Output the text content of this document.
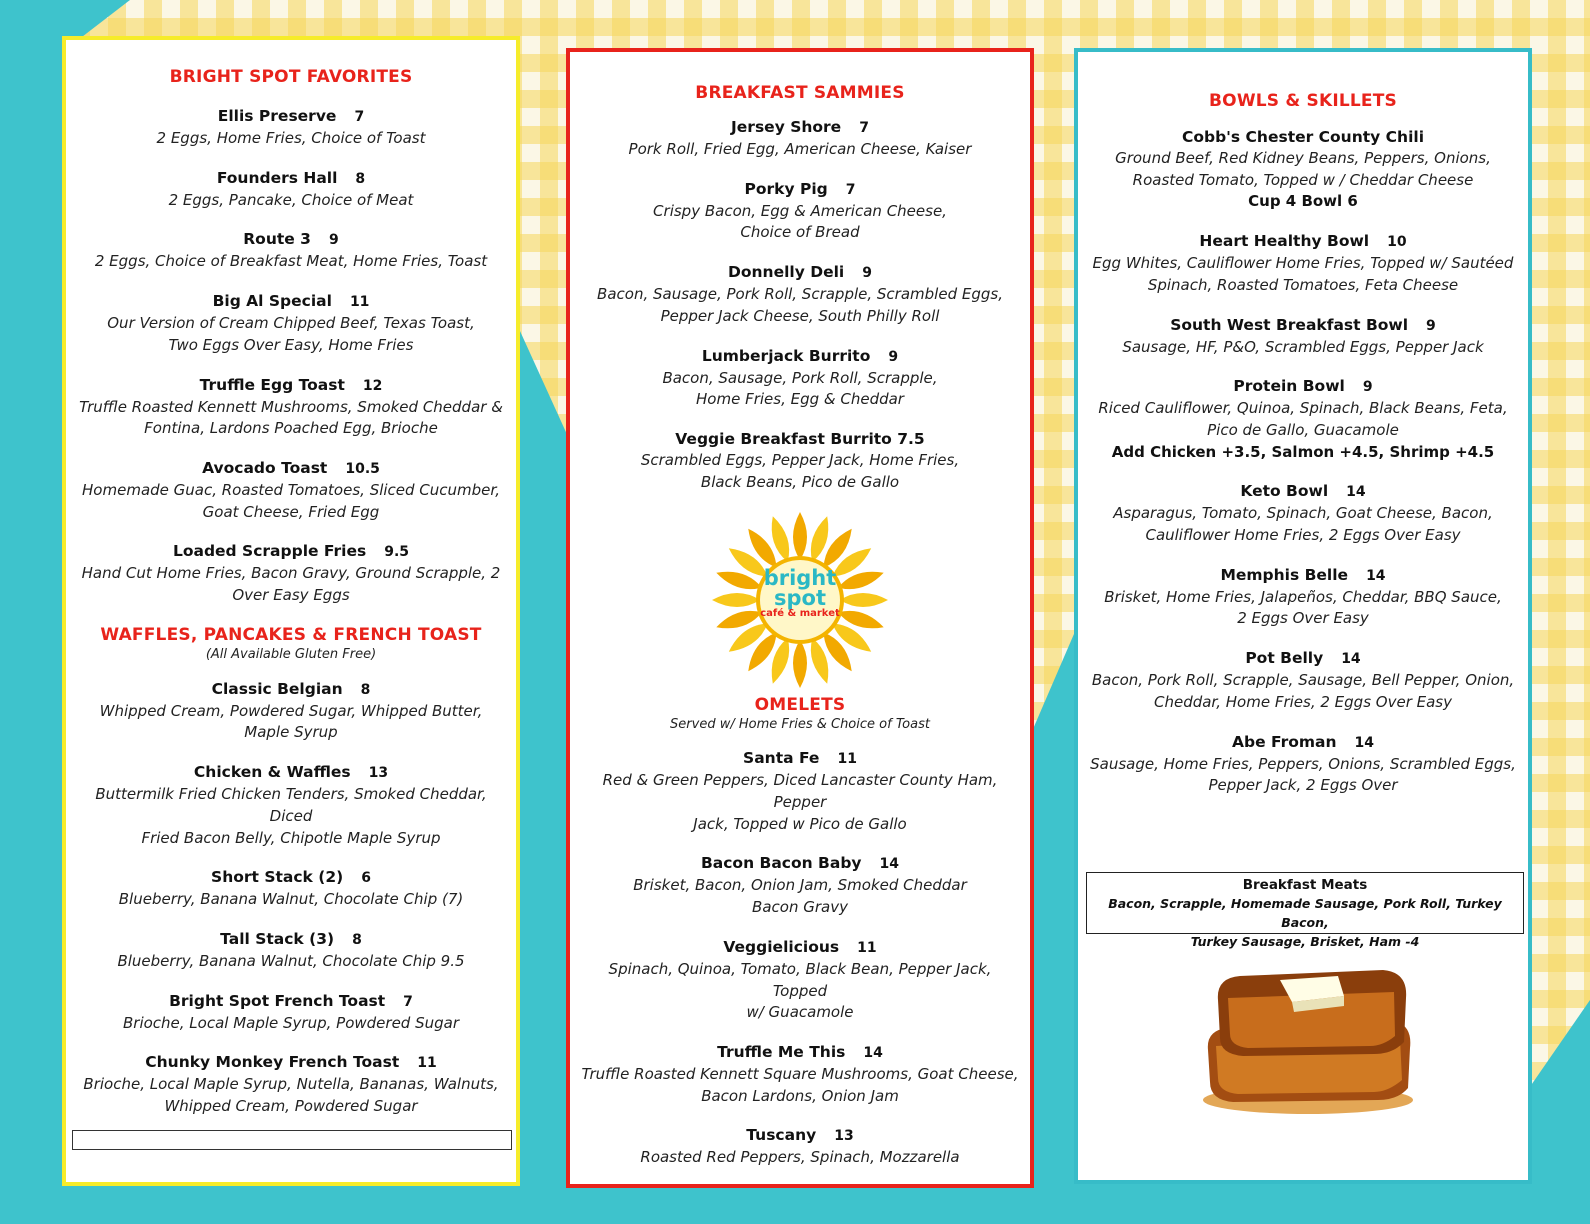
BRIGHT SPOT FAVORITES
Ellis Preserve 7
2 Eggs, Home Fries, Choice of Toast
Founders Hall 8
2 Eggs, Pancake, Choice of Meat
Route 3 9
2 Eggs, Choice of Breakfast Meat, Home Fries, Toast
Big Al Special 11
Our Version of Cream Chipped Beef, Texas Toast,
Two Eggs Over Easy, Home Fries
Truffle Egg Toast 12
Truffle Roasted Kennett Mushrooms, Smoked Cheddar &
Fontina, Lardons Poached Egg, Brioche
Avocado Toast 10.5
Homemade Guac, Roasted Tomatoes, Sliced Cucumber,
Goat Cheese, Fried Egg
Loaded Scrapple Fries 9.5
Hand Cut Home Fries, Bacon Gravy, Ground Scrapple, 2
Over Easy Eggs
WAFFLES, PANCAKES & FRENCH TOAST
(All Available Gluten Free)
Classic Belgian 8
Whipped Cream, Powdered Sugar, Whipped Butter,
Maple Syrup
Chicken & Waffles 13
Buttermilk Fried Chicken Tenders, Smoked Cheddar, Diced
Fried Bacon Belly, Chipotle Maple Syrup
Short Stack (2) 6
Blueberry, Banana Walnut, Chocolate Chip (7)
Tall Stack (3) 8
Blueberry, Banana Walnut, Chocolate Chip 9.5
Bright Spot French Toast 7
Brioche, Local Maple Syrup, Powdered Sugar
Chunky Monkey French Toast 11
Brioche, Local Maple Syrup, Nutella, Bananas, Walnuts,
Whipped Cream, Powdered Sugar
BREAKFAST SAMMIES
Jersey Shore 7
Pork Roll, Fried Egg, American Cheese, Kaiser
Porky Pig 7
Crispy Bacon, Egg & American Cheese,
Choice of Bread
Donnelly Deli 9
Bacon, Sausage, Pork Roll, Scrapple, Scrambled Eggs,
Pepper Jack Cheese, South Philly Roll
Lumberjack Burrito 9
Bacon, Sausage, Pork Roll, Scrapple,
Home Fries, Egg & Cheddar
Veggie Breakfast Burrito 7.5
Scrambled Eggs, Pepper Jack, Home Fries,
Black Beans, Pico de Gallo
bright
spot
café & market
OMELETS
Served w/ Home Fries & Choice of Toast
Santa Fe 11
Red & Green Peppers, Diced Lancaster County Ham, Pepper
Jack, Topped w Pico de Gallo
Bacon Bacon Baby 14
Brisket, Bacon, Onion Jam, Smoked Cheddar
Bacon Gravy
Veggielicious 11
Spinach, Quinoa, Tomato, Black Bean, Pepper Jack, Topped
w/ Guacamole
Truffle Me This 14
Truffle Roasted Kennett Square Mushrooms, Goat Cheese,
Bacon Lardons, Onion Jam
Tuscany 13
Roasted Red Peppers, Spinach, Mozzarella
BOWLS & SKILLETS
Cobb's Chester County Chili
Ground Beef, Red Kidney Beans, Peppers, Onions,
Roasted Tomato, Topped w / Cheddar Cheese
Cup 4 Bowl 6
Heart Healthy Bowl 10
Egg Whites, Cauliflower Home Fries, Topped w/ Sautéed
Spinach, Roasted Tomatoes, Feta Cheese
South West Breakfast Bowl 9
Sausage, HF, P&O, Scrambled Eggs, Pepper Jack
Protein Bowl 9
Riced Cauliflower, Quinoa, Spinach, Black Beans, Feta,
Pico de Gallo, Guacamole
Add Chicken +3.5, Salmon +4.5, Shrimp +4.5
Keto Bowl 14
Asparagus, Tomato, Spinach, Goat Cheese, Bacon,
Cauliflower Home Fries, 2 Eggs Over Easy
Memphis Belle 14
Brisket, Home Fries, Jalapeños, Cheddar, BBQ Sauce,
2 Eggs Over Easy
Pot Belly 14
Bacon, Pork Roll, Scrapple, Sausage, Bell Pepper, Onion,
Cheddar, Home Fries, 2 Eggs Over Easy
Abe Froman 14
Sausage, Home Fries, Peppers, Onions, Scrambled Eggs,
Pepper Jack, 2 Eggs Over
Breakfast Meats
Bacon, Scrapple, Homemade Sausage, Pork Roll, Turkey Bacon,
Turkey Sausage, Brisket, Ham -4
